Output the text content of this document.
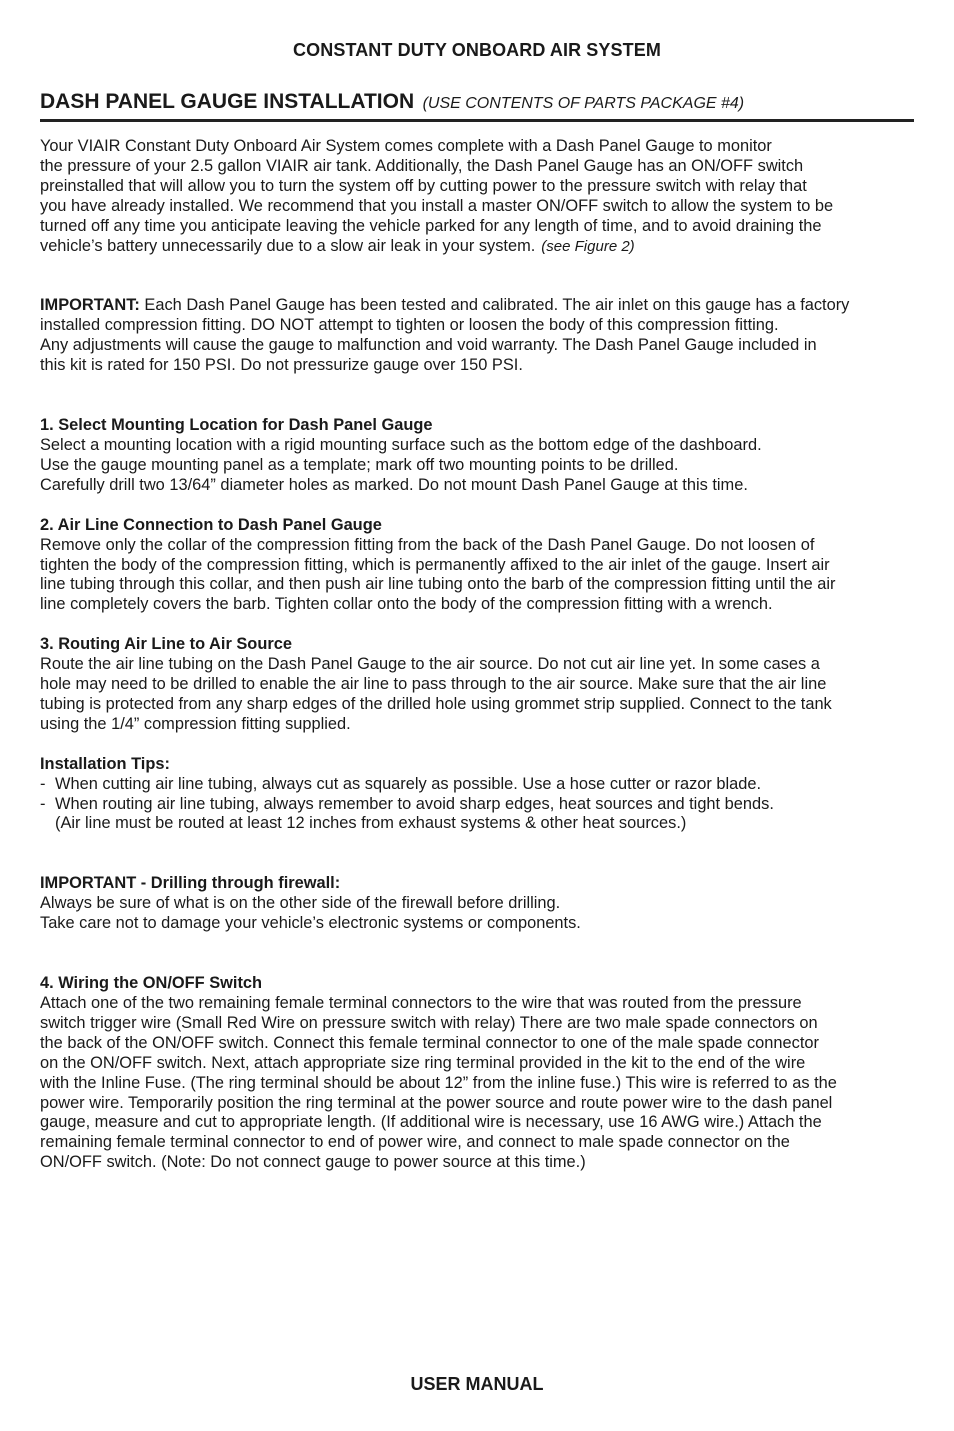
CONSTANT DUTY ONBOARD AIR SYSTEM
DASH PANEL GAUGE INSTALLATION (USE CONTENTS OF PARTS PACKAGE #4)

Your VIAIR Constant Duty Onboard Air System comes complete with a Dash Panel Gauge to monitor

the pressure of your 2.5 gallon VIAIR air tank. Additionally, the Dash Panel Gauge has an ON/OFF switch

preinstalled that will allow you to turn the system off by cutting power to the pressure switch with relay that

you have already installed. We recommend that you install a master ON/OFF switch to allow the system to be

turned off any time you anticipate leaving the vehicle parked for any length of time, and to avoid draining the

vehicle’s battery unnecessarily due to a slow air leak in your system. (see Figure 2)

IMPORTANT: Each Dash Panel Gauge has been tested and calibrated. The air inlet on this gauge has a factory

installed compression fitting. DO NOT attempt to tighten or loosen the body of this compression fitting.

Any adjustments will cause the gauge to malfunction and void warranty. The Dash Panel Gauge included in

this kit is rated for 150 PSI. Do not pressurize gauge over 150 PSI.

1. Select Mounting Location for Dash Panel Gauge

Select a mounting location with a rigid mounting surface such as the bottom edge of the dashboard.

Use the gauge mounting panel as a template; mark off two mounting points to be drilled.

Carefully drill two 13/64” diameter holes as marked. Do not mount Dash Panel Gauge at this time.

2. Air Line Connection to Dash Panel Gauge

Remove only the collar of the compression fitting from the back of the Dash Panel Gauge. Do not loosen of

tighten the body of the compression fitting, which is permanently affixed to the air inlet of the gauge. Insert air

line tubing through this collar, and then push air line tubing onto the barb of the compression fitting until the air

line completely covers the barb. Tighten collar onto the body of the compression fitting with a wrench.

3. Routing Air Line to Air Source

Route the air line tubing on the Dash Panel Gauge to the air source. Do not cut air line yet. In some cases a

hole may need to be drilled to enable the air line to pass through to the air source. Make sure that the air line

tubing is protected from any sharp edges of the drilled hole using grommet strip supplied. Connect to the tank

using the 1/4” compression fitting supplied.

Installation Tips:

- When cutting air line tubing, always cut as squarely as possible. Use a hose cutter or razor blade.

- When routing air line tubing, always remember to avoid sharp edges, heat sources and tight bends.

(Air line must be routed at least 12 inches from exhaust systems & other heat sources.)

IMPORTANT - Drilling through firewall:

Always be sure of what is on the other side of the firewall before drilling.

Take care not to damage your vehicle’s electronic systems or components.

4. Wiring the ON/OFF Switch

Attach one of the two remaining female terminal connectors to the wire that was routed from the pressure

switch trigger wire (Small Red Wire on pressure switch with relay) There are two male spade connectors on

the back of the ON/OFF switch. Connect this female terminal connector to one of the male spade connector

on the ON/OFF switch. Next, attach appropriate size ring terminal provided in the kit to the end of the wire

with the Inline Fuse. (The ring terminal should be about 12” from the inline fuse.) This wire is referred to as the

power wire. Temporarily position the ring terminal at the power source and route power wire to the dash panel

gauge, measure and cut to appropriate length. (If additional wire is necessary, use 16 AWG wire.) Attach the

remaining female terminal connector to end of power wire, and connect to male spade connector on the

ON/OFF switch. (Note: Do not connect gauge to power source at this time.)

USER MANUAL
